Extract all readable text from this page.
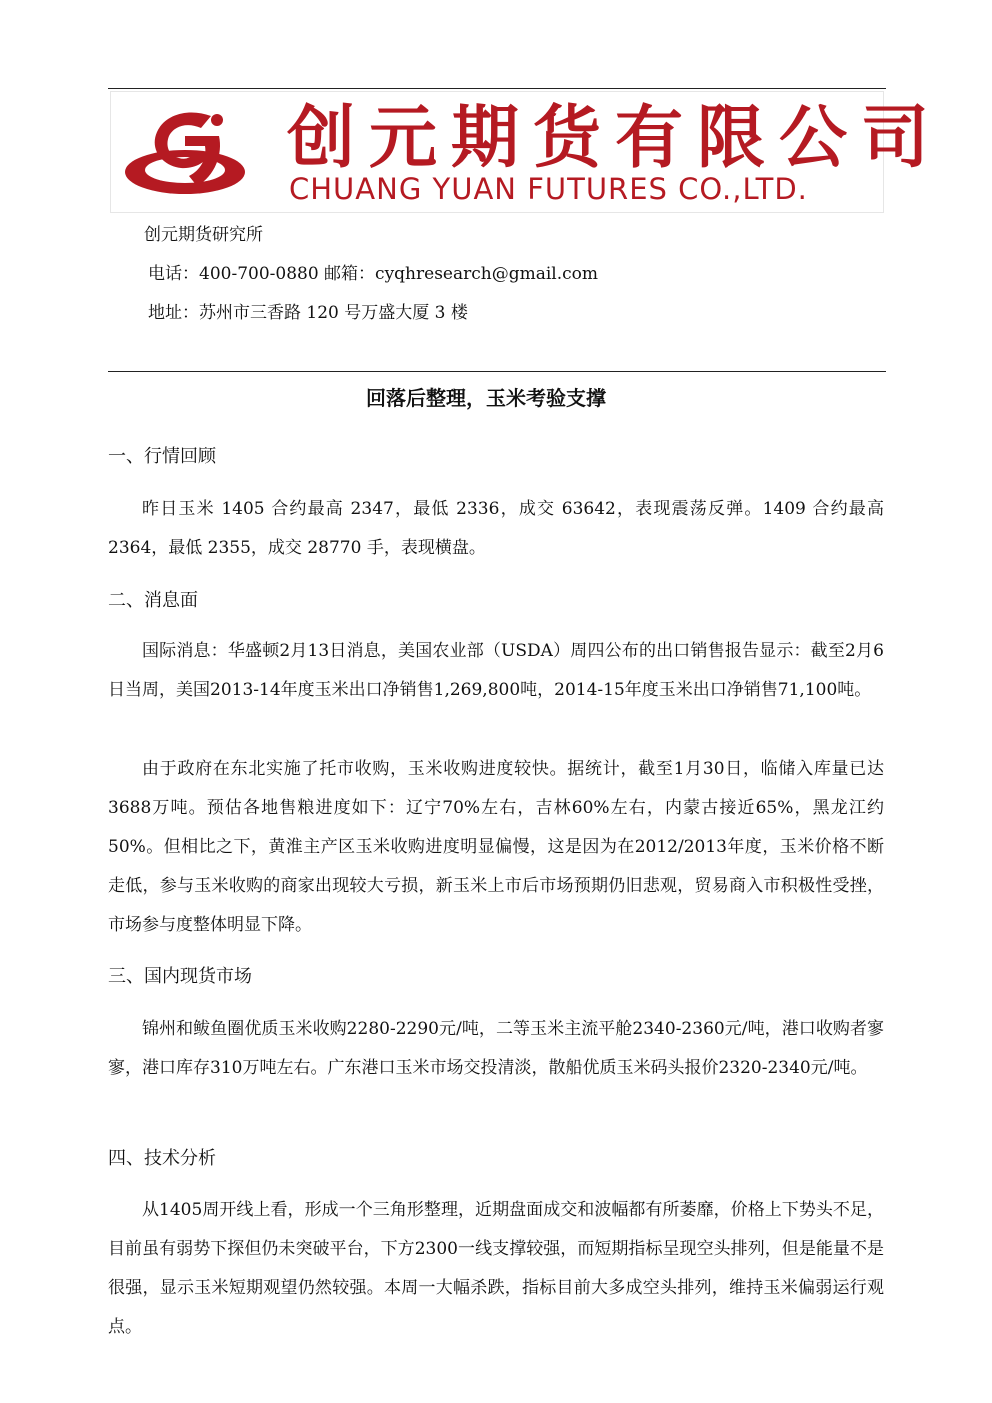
创元期货有限公司
CHUANG YUAN FUTURES CO.,LTD.
创元期货研究所
电话：400-700-0880 邮箱：cyqhresearch@gmail.com
地址：苏州市三香路 120 号万盛大厦 3 楼
回落后整理，玉米考验支撑
一、行情回顾

昨日玉米 1405 合约最高 2347，最低 2336，成交 63642，表现震荡反弹。1409 合约最高 2364，最低 2355，成交 28770 手，表现横盘。

二、消息面

国际消息：华盛顿2月13日消息，美国农业部（USDA）周四公布的出口销售报告显示：截至2月6日当周，美国2013-14年度玉米出口净销售1,269,800吨，2014-15年度玉米出口净销售71,100吨。

由于政府在东北实施了托市收购，玉米收购进度较快。据统计，截至1月30日，临储入库量已达3688万吨。预估各地售粮进度如下：辽宁70%左右，吉林60%左右，内蒙古接近65%，黑龙江约50%。但相比之下，黄淮主产区玉米收购进度明显偏慢，这是因为在2012/2013年度，玉米价格不断走低，参与玉米收购的商家出现较大亏损，新玉米上市后市场预期仍旧悲观，贸易商入市积极性受挫，市场参与度整体明显下降。

三、国内现货市场

锦州和鲅鱼圈优质玉米收购2280-2290元/吨，二等玉米主流平舱2340-2360元/吨，港口收购者寥寥，港口库存310万吨左右。广东港口玉米市场交投清淡，散船优质玉米码头报价2320-2340元/吨。

四、技术分析

从1405周开线上看，形成一个三角形整理，近期盘面成交和波幅都有所萎靡，价格上下势头不足，目前虽有弱势下探但仍未突破平台，下方2300一线支撑较强，而短期指标呈现空头排列，但是能量不是很强，显示玉米短期观望仍然较强。本周一大幅杀跌，指标目前大多成空头排列，维持玉米偏弱运行观点。
